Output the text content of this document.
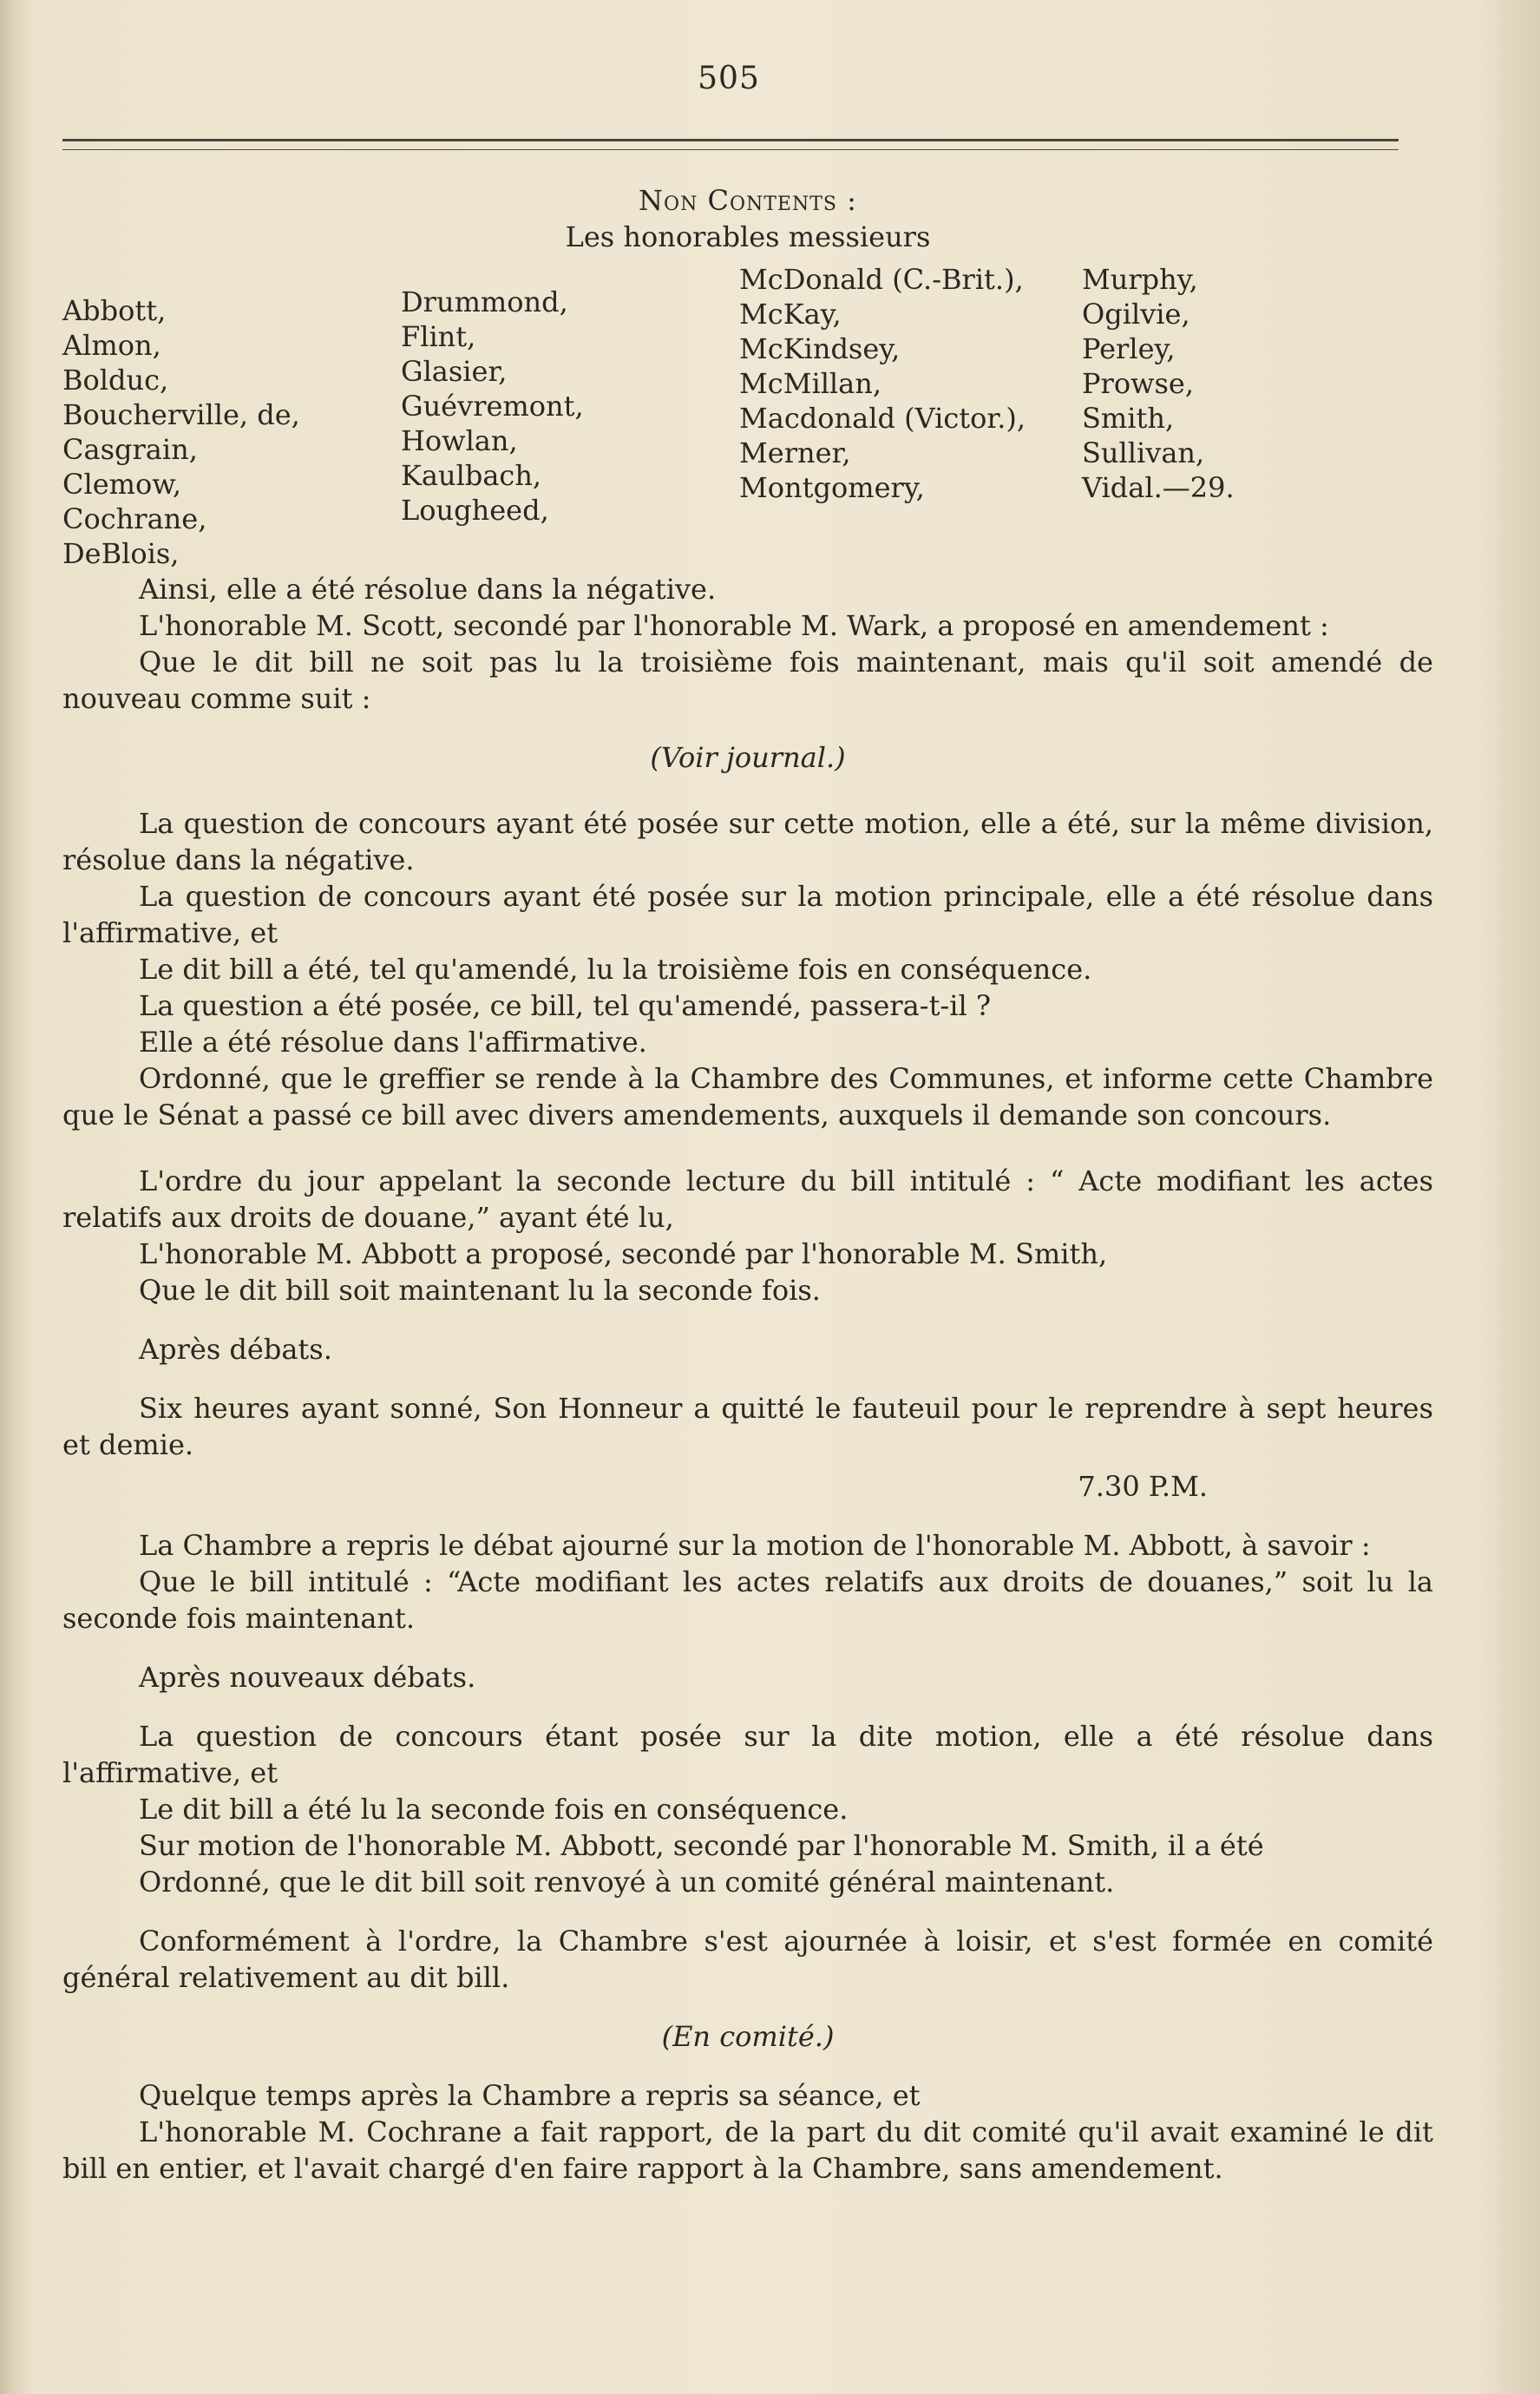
505
Non Contents :
Les honorables messieurs
Abbott,
Almon,
Bolduc,
Boucherville, de,
Casgrain,
Clemow,
Cochrane,
DeBlois,
Drummond,
Flint,
Glasier,
Guévremont,
Howlan,
Kaulbach,
Lougheed,
McDonald (C.-Brit.),
McKay,
McKindsey,
McMillan,
Macdonald (Victor.),
Merner,
Montgomery,
Murphy,
Ogilvie,
Perley,
Prowse,
Smith,
Sullivan,
Vidal.—29.

Ainsi, elle a été résolue dans la négative.

L'honorable M. Scott, secondé par l'honorable M. Wark, a proposé en amendement :

Que le dit bill ne soit pas lu la troisième fois maintenant, mais qu'il soit amendé de nouveau comme suit :

(Voir journal.)

La question de concours ayant été posée sur cette motion, elle a été, sur la même division, résolue dans la négative.

La question de concours ayant été posée sur la motion principale, elle a été résolue dans l'affirmative, et

Le dit bill a été, tel qu'amendé, lu la troisième fois en conséquence.

La question a été posée, ce bill, tel qu'amendé, passera-t-il ?

Elle a été résolue dans l'affirmative.

Ordonné, que le greffier se rende à la Chambre des Communes, et informe cette Chambre que le Sénat a passé ce bill avec divers amendements, auxquels il demande son concours.

L'ordre du jour appelant la seconde lecture du bill intitulé : “ Acte modifiant les actes relatifs aux droits de douane,” ayant été lu,

L'honorable M. Abbott a proposé, secondé par l'honorable M. Smith,

Que le dit bill soit maintenant lu la seconde fois.

Après débats.

Six heures ayant sonné, Son Honneur a quitté le fauteuil pour le reprendre à sept heures et demie.

7.30 P.M.

La Chambre a repris le débat ajourné sur la motion de l'honorable M. Abbott, à savoir :

Que le bill intitulé : “Acte modifiant les actes relatifs aux droits de douanes,” soit lu la seconde fois maintenant.

Après nouveaux débats.

La question de concours étant posée sur la dite motion, elle a été résolue dans l'affirmative, et

Le dit bill a été lu la seconde fois en conséquence.

Sur motion de l'honorable M. Abbott, secondé par l'honorable M. Smith, il a été

Ordonné, que le dit bill soit renvoyé à un comité général maintenant.

Conformément à l'ordre, la Chambre s'est ajournée à loisir, et s'est formée en comité général relativement au dit bill.

(En comité.)

Quelque temps après la Chambre a repris sa séance, et

L'honorable M. Cochrane a fait rapport, de la part du dit comité qu'il avait examiné le dit bill en entier, et l'avait chargé d'en faire rapport à la Chambre, sans amendement.
